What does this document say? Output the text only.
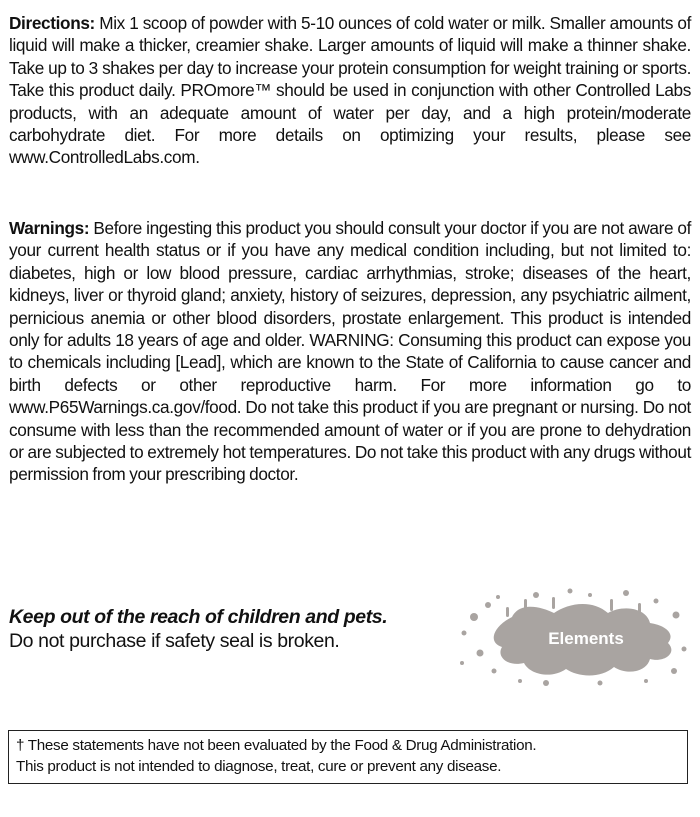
Directions: Mix 1 scoop of powder with 5-10 ounces of cold water or milk. Smaller amounts of liquid will make a thicker, creamier shake. Larger amounts of liquid will make a thinner shake. Take up to 3 shakes per day to increase your protein consumption for weight training or sports. Take this product daily. PROmore™ should be used in conjunction with other Controlled Labs products, with an adequate amount of water per day, and a high protein/moderate carbohydrate diet. For more details on optimizing your results, please see www.ControlledLabs.com.

Warnings: Before ingesting this product you should consult your doctor if you are not aware of your current health status or if you have any medical condition including, but not limited to: diabetes, high or low blood pressure, cardiac arrhythmias, stroke; diseases of the heart, kidneys, liver or thyroid gland; anxiety, history of seizures, depression, any psychiatric ailment, pernicious anemia or other blood disorders, prostate enlargement. This product is intended only for adults 18 years of age and older. WARNING: Consuming this product can expose you to chemicals including [Lead], which are known to the State of California to cause cancer and birth defects or other reproductive harm. For more information go to www.P65Warnings.ca.gov/food. Do not take this product if you are pregnant or nursing. Do not consume with less than the recommended amount of water or if you are prone to dehydration or are subjected to extremely hot temperatures. Do not take this product with any drugs without permission from your prescribing doctor.

Keep out of the reach of children and pets.

Do not purchase if safety seal is broken.	Elements
† These statements have not been evaluated by the Food & Drug Administration.
This product is not intended to diagnose, treat, cure or prevent any disease.
